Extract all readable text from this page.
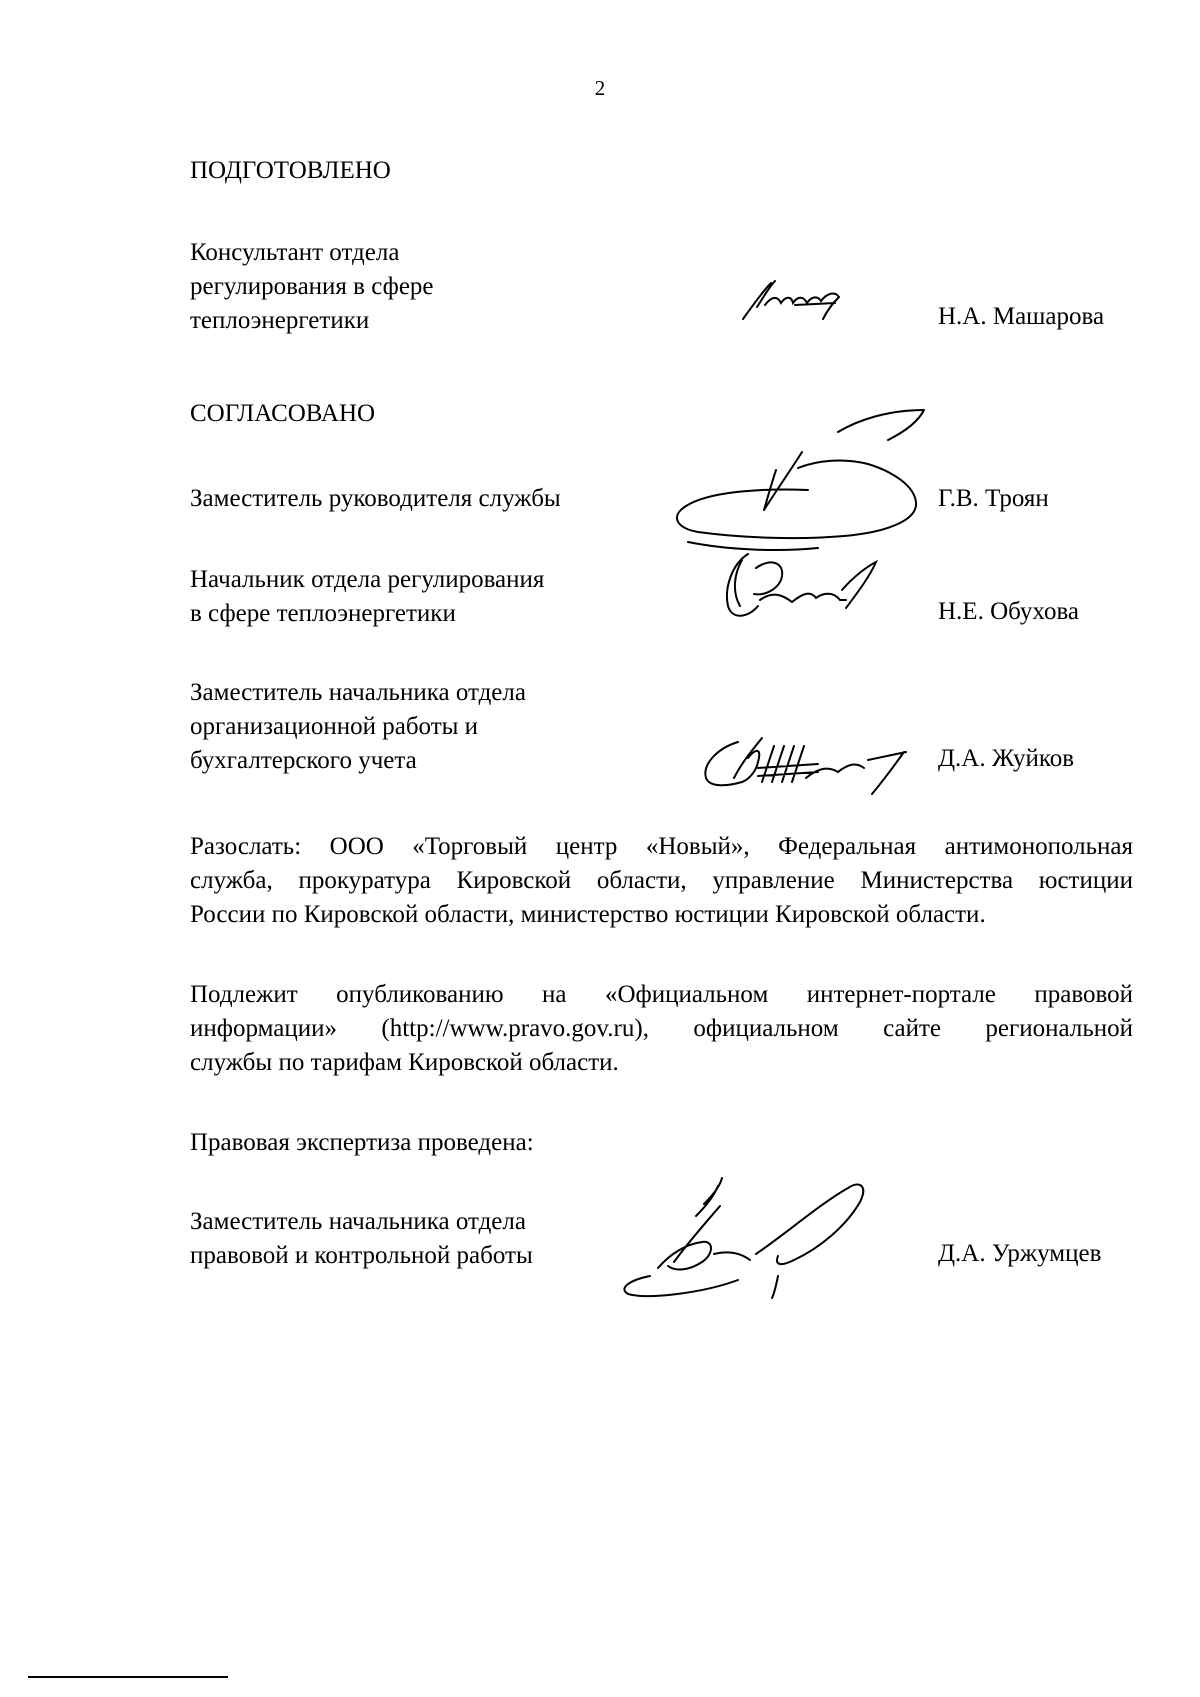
2
ПОДГОТОВЛЕНО
Консультант отдела
регулирования в сфере
теплоэнергетики	Н.А. Машарова
СОГЛАСОВАНО
Заместитель руководителя службы	Г.В. Троян
Начальник отдела регулирования
в сфере теплоэнергетики	Н.Е. Обухова
Заместитель начальника отдела
организационной работы и
бухгалтерского учета	Д.А. Жуйков
Разослать: ООО «Торговый центр «Новый», Федеральная антимонопольная
служба, прокуратура Кировской области, управление Министерства юстиции
России по Кировской области, министерство юстиции Кировской области.
Подлежит опубликованию на «Официальном интернет-портале правовой
информации» (http://www.pravo.gov.ru), официальном сайте региональной
службы по тарифам Кировской области.
Правовая экспертиза проведена:
Заместитель начальника отдела
правовой и контрольной работы	Д.А. Уржумцев
